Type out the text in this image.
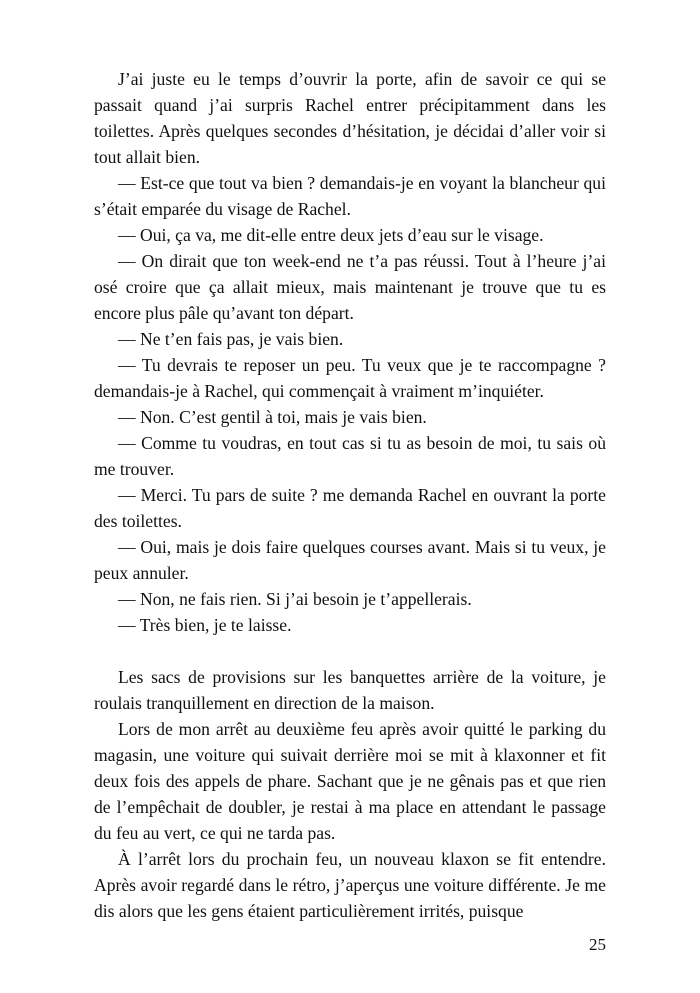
J’ai juste eu le temps d’ouvrir la porte, afin de savoir ce qui se passait quand j’ai surpris Rachel entrer précipitamment dans les toilettes. Après quelques secondes d’hésitation, je décidai d’aller voir si tout allait bien.

— Est-ce que tout va bien ? demandais-je en voyant la blancheur qui s’était emparée du visage de Rachel.

— Oui, ça va, me dit-elle entre deux jets d’eau sur le visage.

— On dirait que ton week-end ne t’a pas réussi. Tout à l’heure j’ai osé croire que ça allait mieux, mais maintenant je trouve que tu es encore plus pâle qu’avant ton départ.

— Ne t’en fais pas, je vais bien.

— Tu devrais te reposer un peu. Tu veux que je te raccompagne ? demandais-je à Rachel, qui commençait à vraiment m’inquiéter.

— Non. C’est gentil à toi, mais je vais bien.

— Comme tu voudras, en tout cas si tu as besoin de moi, tu sais où me trouver.

— Merci. Tu pars de suite ? me demanda Rachel en ouvrant la porte des toilettes.

— Oui, mais je dois faire quelques courses avant. Mais si tu veux, je peux annuler.

— Non, ne fais rien. Si j’ai besoin je t’appellerais.

— Très bien, je te laisse.

Les sacs de provisions sur les banquettes arrière de la voiture, je roulais tranquillement en direction de la maison.

Lors de mon arrêt au deuxième feu après avoir quitté le parking du magasin, une voiture qui suivait derrière moi se mit à klaxonner et fit deux fois des appels de phare. Sachant que je ne gênais pas et que rien de l’empêchait de doubler, je restai à ma place en attendant le passage du feu au vert, ce qui ne tarda pas.

À l’arrêt lors du prochain feu, un nouveau klaxon se fit entendre. Après avoir regardé dans le rétro, j’aperçus une voiture différente. Je me dis alors que les gens étaient particulièrement irrités, puisque

25
